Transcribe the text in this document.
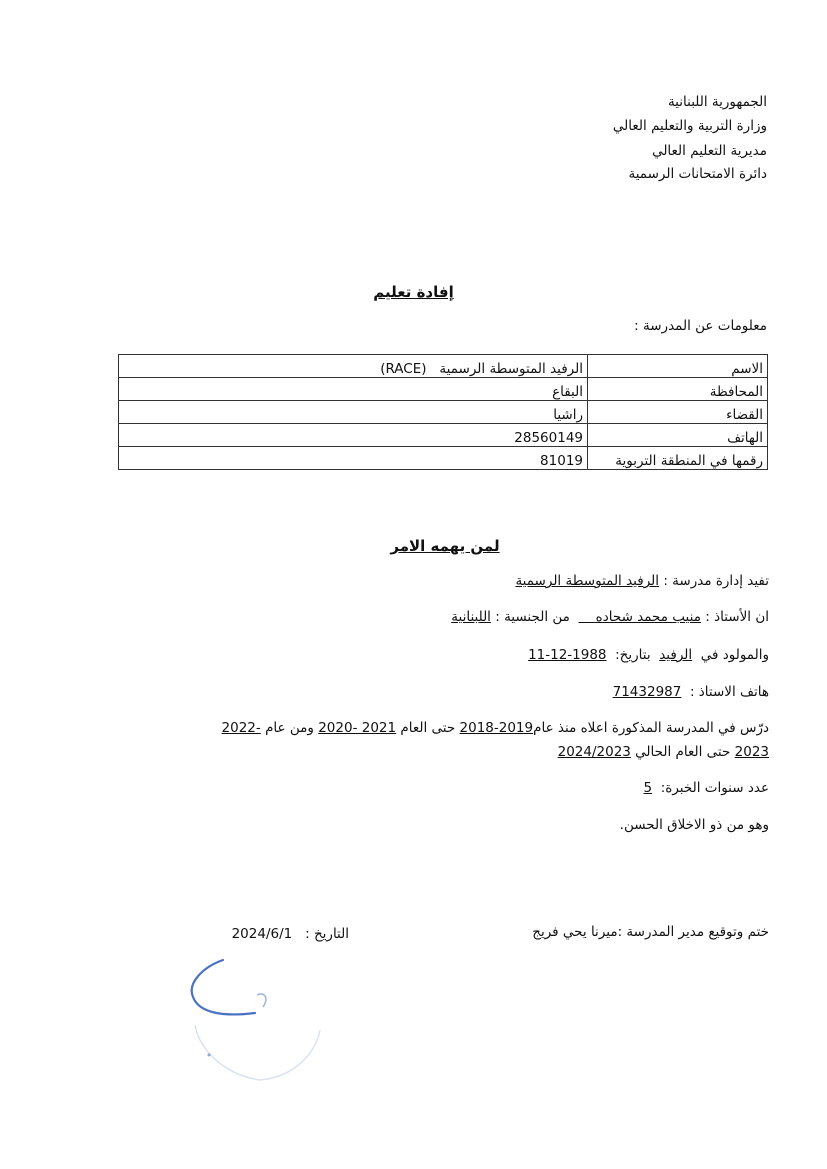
الجمهورية اللبنانية
وزارة التربية والتعليم العالي
مديرية التعليم العالي
دائرة الامتحانات الرسمية
إفادة تعليم
معلومات عن المدرسة :
الاسم	الرفيد المتوسطة الرسمية   (RACE)
المحافظة	البقاع
القضاء	راشيا
الهاتف	28560149
رقمها في المنطقة التربوية	81019
لمن يهمه الامر
تفيد إدارة مدرسة : الرفيد المتوسطة الرسمية
ان الأستاذ : منيب محمد شحاده      من الجنسية : اللبنانية
والمولود في  الرفيد  بتاريخ:  11-12-1988
هاتف الاستاذ :  71432987
درّس في المدرسة المذكورة اعلاه منذ عام2018-2019 حتى العام 2020- 2021 ومن عام 2022-
2023 حتى العام الحالي 2024/2023
عدد سنوات الخبرة:  5
وهو من ذو الاخلاق الحسن.
ختم وتوقيع مدير المدرسة :ميرنا يحي فريج
التاريخ :   2024/6/1
